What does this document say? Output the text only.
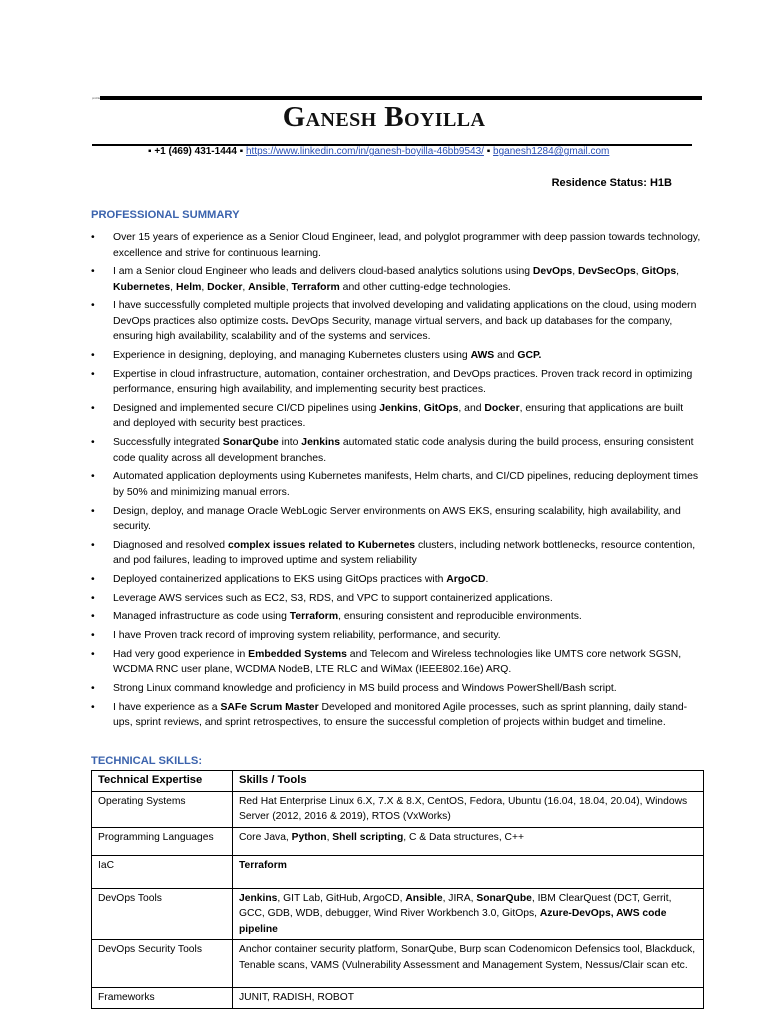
profile
Ganesh Boyilla
▪ +1 (469) 431-1444 ▪ https://www.linkedin.com/in/ganesh-boyilla-46bb9543/ ▪ bganesh1284@gmail.com
Residence Status: H1B
PROFESSIONAL SUMMARY
• Over 15 years of experience as a Senior Cloud Engineer, lead, and polyglot programmer with deep passion towards technology, excellence and strive for continuous learning.
• I am a Senior cloud Engineer who leads and delivers cloud-based analytics solutions using DevOps, DevSecOps, GitOps, Kubernetes, Helm, Docker, Ansible, Terraform and other cutting-edge technologies.
• I have successfully completed multiple projects that involved developing and validating applications on the cloud, using modern DevOps practices also optimize costs. DevOps Security, manage virtual servers, and back up databases for the company, ensuring high availability, scalability and of the systems and services.
• Experience in designing, deploying, and managing Kubernetes clusters using AWS and GCP.
• Expertise in cloud infrastructure, automation, container orchestration, and DevOps practices. Proven track record in optimizing performance, ensuring high availability, and implementing security best practices.
• Designed and implemented secure CI/CD pipelines using Jenkins, GitOps, and Docker, ensuring that applications are built and deployed with security best practices.
• Successfully integrated SonarQube into Jenkins automated static code analysis during the build process, ensuring consistent code quality across all development branches.
• Automated application deployments using Kubernetes manifests, Helm charts, and CI/CD pipelines, reducing deployment times by 50% and minimizing manual errors.
• Design, deploy, and manage Oracle WebLogic Server environments on AWS EKS, ensuring scalability, high availability, and security.
• Diagnosed and resolved complex issues related to Kubernetes clusters, including network bottlenecks, resource contention, and pod failures, leading to improved uptime and system reliability
• Deployed containerized applications to EKS using GitOps practices with ArgoCD.
• Leverage AWS services such as EC2, S3, RDS, and VPC to support containerized applications.
• Managed infrastructure as code using Terraform, ensuring consistent and reproducible environments.
• I have Proven track record of improving system reliability, performance, and security.
• Had very good experience in Embedded Systems and Telecom and Wireless technologies like UMTS core network SGSN, WCDMA RNC user plane, WCDMA NodeB, LTE RLC and WiMax (IEEE802.16e) ARQ.
• Strong Linux command knowledge and proficiency in MS build process and Windows PowerShell/Bash script.
• I have experience as a SAFe Scrum Master Developed and monitored Agile processes, such as sprint planning, daily stand-ups, sprint reviews, and sprint retrospectives, to ensure the successful completion of projects within budget and timeline.
TECHNICAL SKILLS:
Technical Expertise	Skills / Tools
Operating Systems	Red Hat Enterprise Linux 6.X, 7.X & 8.X, CentOS, Fedora, Ubuntu (16.04, 18.04, 20.04), Windows Server (2012, 2016 & 2019), RTOS (VxWorks)
Programming Languages	Core Java, Python, Shell scripting, C & Data structures, C++
IaC	Terraform
DevOps Tools	Jenkins, GIT Lab, GitHub, ArgoCD, Ansible, JIRA, SonarQube, IBM ClearQuest (DCT, Gerrit, GCC, GDB, WDB, debugger, Wind River Workbench 3.0, GitOps, Azure-DevOps, AWS code pipeline
DevOps Security Tools	Anchor container security platform, SonarQube, Burp scan Codenomicon Defensics tool, Blackduck, Tenable scans, VAMS (Vulnerability Assessment and Management System, Nessus/Clair scan etc.
Frameworks	JUNIT, RADISH, ROBOT
